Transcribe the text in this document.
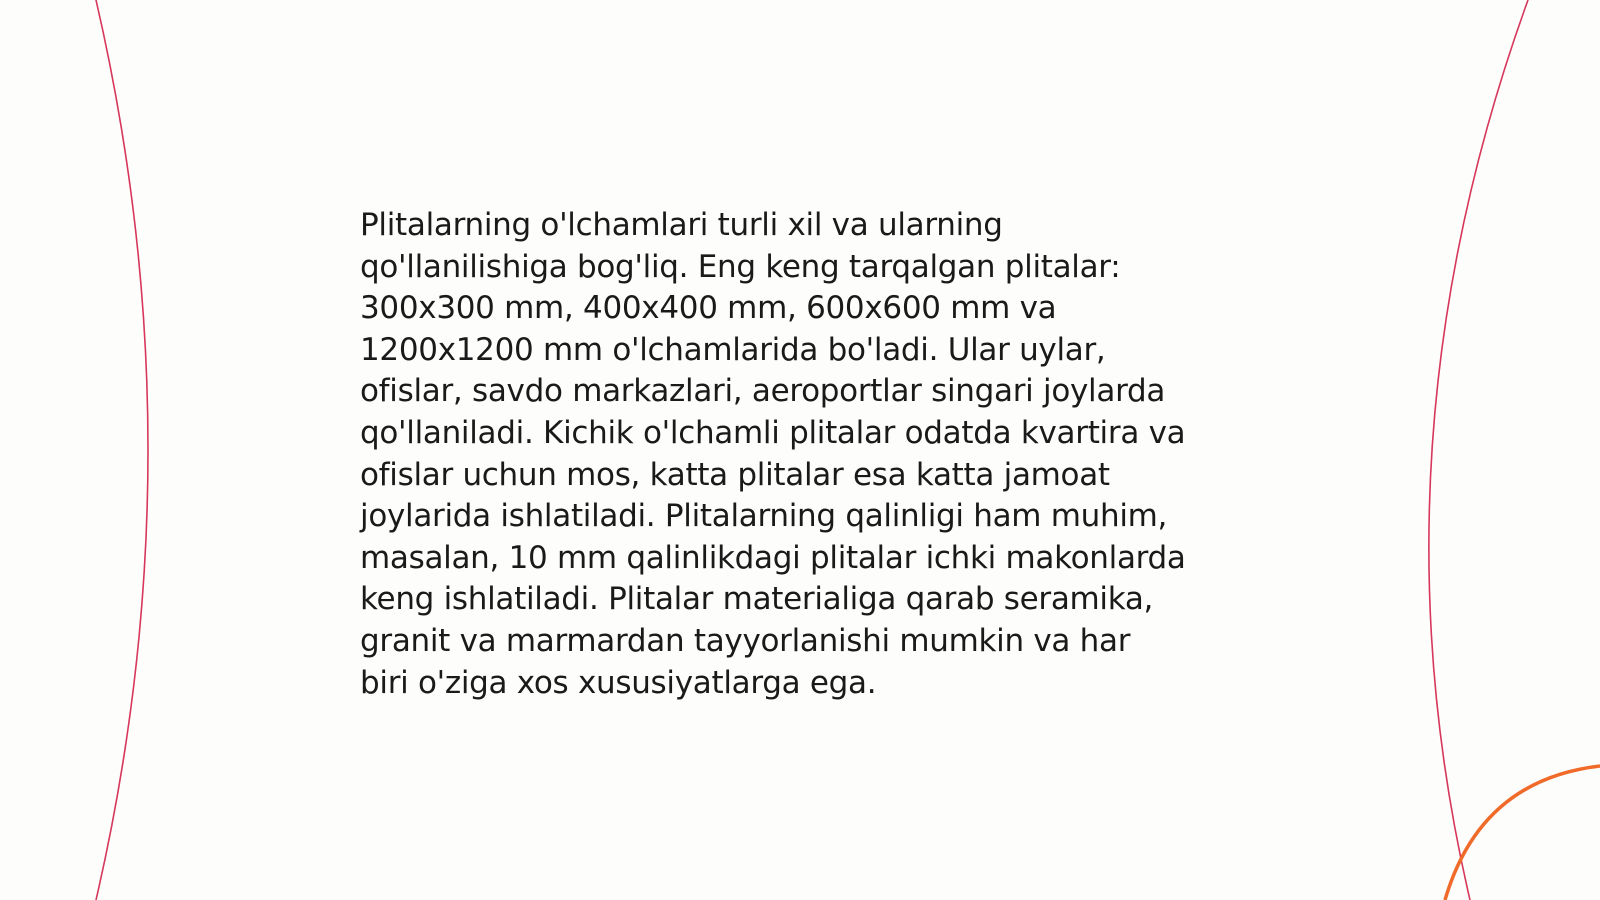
Plitalarning o'lchamlari turli xil va ularning
qo'llanilishiga bog'liq. Eng keng tarqalgan plitalar:
300x300 mm, 400x400 mm, 600x600 mm va
1200x1200 mm o'lchamlarida bo'ladi. Ular uylar,
ofislar, savdo markazlari, aeroportlar singari joylarda
qo'llaniladi. Kichik o'lchamli plitalar odatda kvartira va
ofislar uchun mos, katta plitalar esa katta jamoat
joylarida ishlatiladi. Plitalarning qalinligi ham muhim,
masalan, 10 mm qalinlikdagi plitalar ichki makonlarda
keng ishlatiladi. Plitalar materialiga qarab seramika,
granit va marmardan tayyorlanishi mumkin va har
biri o'ziga xos xususiyatlarga ega.
